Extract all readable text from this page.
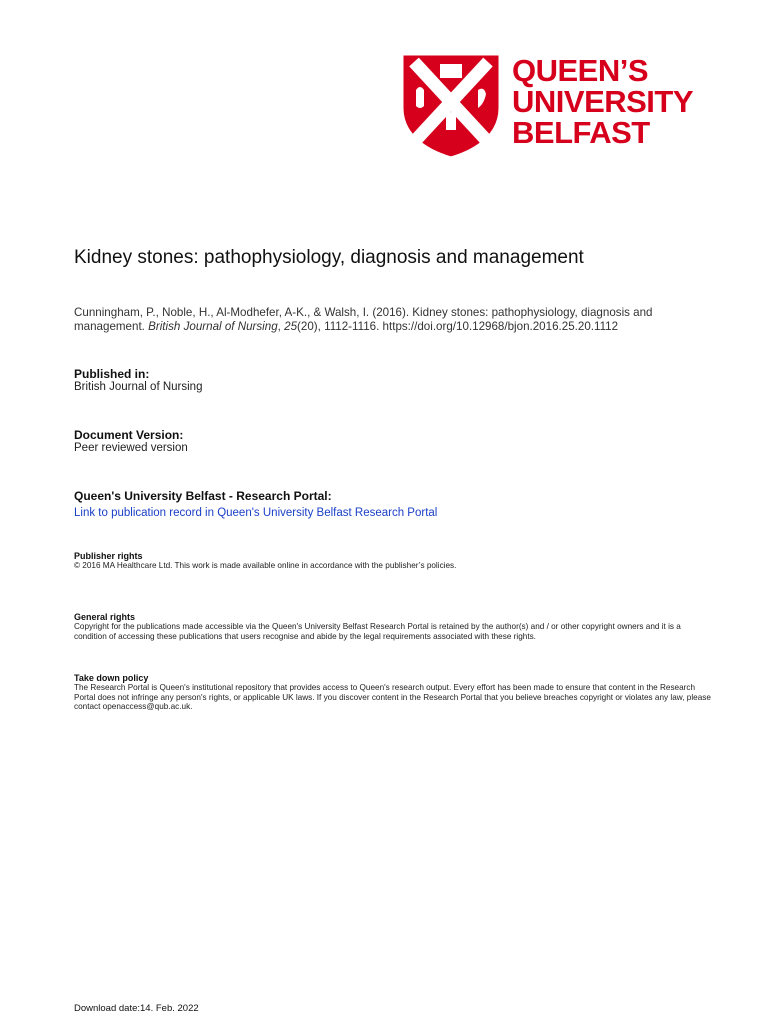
QUEEN’S
UNIVERSITY
BELFAST
Kidney stones: pathophysiology, diagnosis and management
Cunningham, P., Noble, H., Al-Modhefer, A-K., & Walsh, I. (2016). Kidney stones: pathophysiology, diagnosis and management. British Journal of Nursing, 25(20), 1112-1116. https://doi.org/10.12968/bjon.2016.25.20.1112
Published in:
British Journal of Nursing
Document Version:
Peer reviewed version
Queen's University Belfast - Research Portal:
Link to publication record in Queen's University Belfast Research Portal
Publisher rights
© 2016 MA Healthcare Ltd. This work is made available online in accordance with the publisher’s policies.
General rights
Copyright for the publications made accessible via the Queen's University Belfast Research Portal is retained by the author(s) and / or other copyright owners and it is a condition of accessing these publications that users recognise and abide by the legal requirements associated with these rights.
Take down policy
The Research Portal is Queen's institutional repository that provides access to Queen's research output. Every effort has been made to ensure that content in the Research Portal does not infringe any person's rights, or applicable UK laws. If you discover content in the Research Portal that you believe breaches copyright or violates any law, please contact openaccess@qub.ac.uk.
Download date:14. Feb. 2022
